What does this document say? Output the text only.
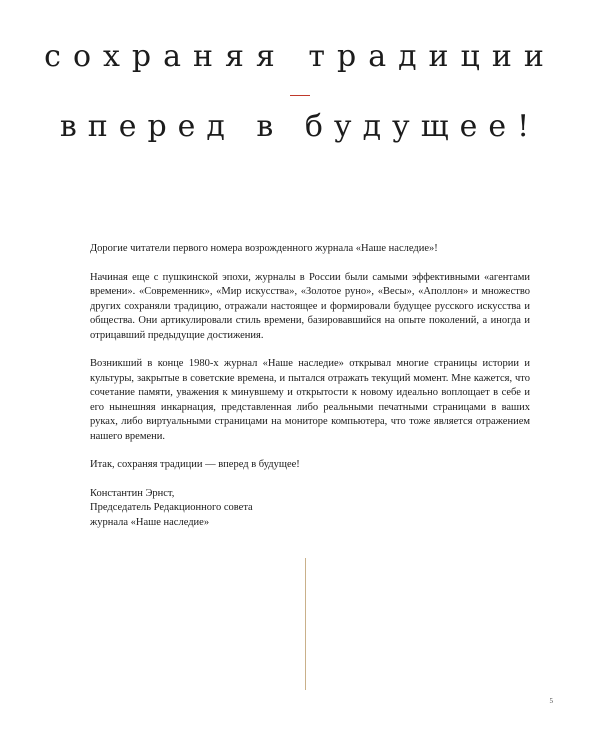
сохраняя традиции
вперед в будущее!

Дорогие читатели первого номера возрожденного журнала «Наше наследие»!

Начиная еще с пушкинской эпохи, журналы в России были самыми эффективными «агентами времени». «Современник», «Мир искусства», «Золотое руно», «Весы», «Аполлон» и множество других сохраняли традицию, отражали настоящее и формировали будущее русского искусства и общества. Они артикулировали стиль времени, базировавшийся на опыте поколений, а иногда и отрицавший предыдущие достижения.

Возникший в конце 1980-х журнал «Наше наследие» открывал многие страницы истории и культуры, закрытые в советские времена, и пытался отражать текущий момент. Мне кажется, что сочетание памяти, уважения к минувшему и открытости к новому идеально воплощает в себе и его нынешняя инкарнация, представленная либо реальными печатными страницами в ваших руках, либо виртуальными страницами на мониторе компьютера, что тоже является отражением нашего времени.

Итак, сохраняя традиции — вперед в будущее!

Константин Эрнст,
Председатель Редакционного совета
журнала «Наше наследие»

5
